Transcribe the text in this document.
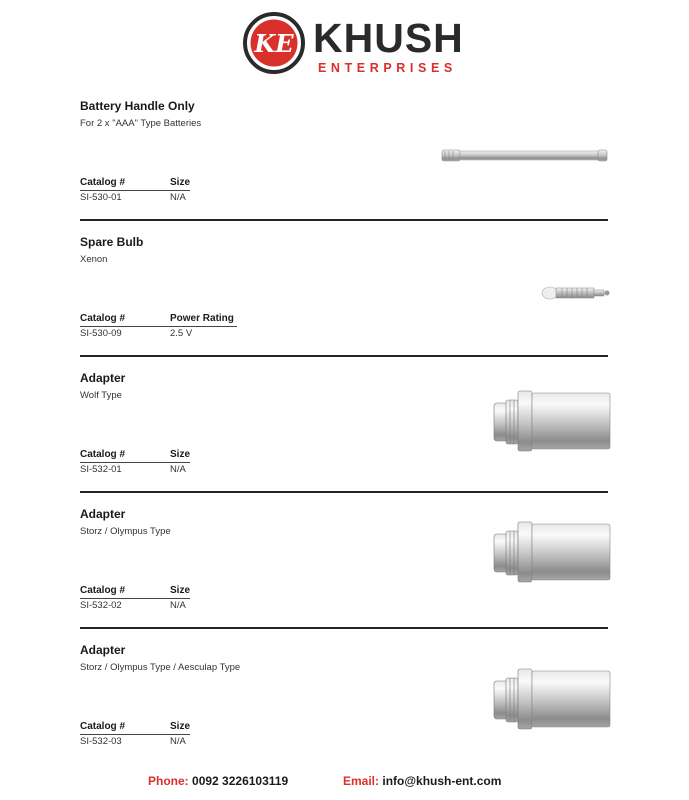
KE KHUSH
ENTERPRISES
Battery Handle Only
For 2 x "AAA" Type Batteries
Catalog #	Size
SI-530-01	N/A
Spare Bulb
Xenon
Catalog #	Power Rating
SI-530-09	2.5 V
Adapter
Wolf Type
Catalog #	Size
SI-532-01	N/A
Adapter
Storz / Olympus Type
Catalog #	Size
SI-532-02	N/A
Adapter
Storz / Olympus Type / Aesculap Type
Catalog #	Size
SI-532-03	N/A
Phone: 0092 3226103119	Email: info@khush-ent.com
